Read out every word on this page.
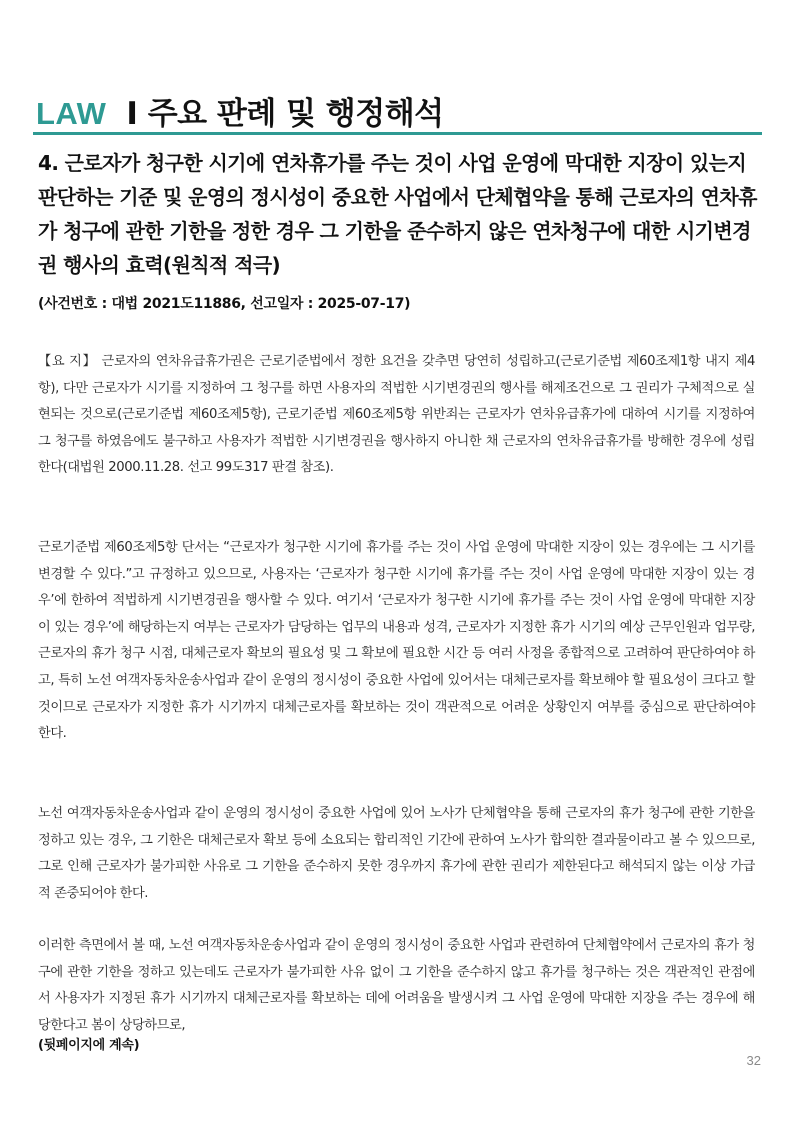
LAW I 주요 판례 및 행정해석
4. 근로자가 청구한 시기에 연차휴가를 주는 것이 사업 운영에 막대한 지장이 있는지 판단하는 기준 및 운영의 정시성이 중요한 사업에서 단체협약을 통해 근로자의 연차휴가 청구에 관한 기한을 정한 경우 그 기한을 준수하지 않은 연차청구에 대한 시기변경권 행사의 효력(원칙적 적극)
(사건번호 : 대법 2021도11886, 선고일자 : 2025-07-17)

【요 지】 근로자의 연차유급휴가권은 근로기준법에서 정한 요건을 갖추면 당연히 성립하고(근로기준법 제60조제1항 내지 제4항), 다만 근로자가 시기를 지정하여 그 청구를 하면 사용자의 적법한 시기변경권의 행사를 해제조건으로 그 권리가 구체적으로 실현되는 것으로(근로기준법 제60조제5항), 근로기준법 제60조제5항 위반죄는 근로자가 연차유급휴가에 대하여 시기를 지정하여 그 청구를 하였음에도 불구하고 사용자가 적법한 시기변경권을 행사하지 아니한 채 근로자의 연차유급휴가를 방해한 경우에 성립한다(대법원 2000.11.28. 선고 99도317 판결 참조).

근로기준법 제60조제5항 단서는 “근로자가 청구한 시기에 휴가를 주는 것이 사업 운영에 막대한 지장이 있는 경우에는 그 시기를 변경할 수 있다.”고 규정하고 있으므로, 사용자는 ‘근로자가 청구한 시기에 휴가를 주는 것이 사업 운영에 막대한 지장이 있는 경우’에 한하여 적법하게 시기변경권을 행사할 수 있다. 여기서 ‘근로자가 청구한 시기에 휴가를 주는 것이 사업 운영에 막대한 지장이 있는 경우’에 해당하는지 여부는 근로자가 담당하는 업무의 내용과 성격, 근로자가 지정한 휴가 시기의 예상 근무인원과 업무량, 근로자의 휴가 청구 시점, 대체근로자 확보의 필요성 및 그 확보에 필요한 시간 등 여러 사정을 종합적으로 고려하여 판단하여야 하고, 특히 노선 여객자동차운송사업과 같이 운영의 정시성이 중요한 사업에 있어서는 대체근로자를 확보해야 할 필요성이 크다고 할 것이므로 근로자가 지정한 휴가 시기까지 대체근로자를 확보하는 것이 객관적으로 어려운 상황인지 여부를 중심으로 판단하여야 한다.

노선 여객자동차운송사업과 같이 운영의 정시성이 중요한 사업에 있어 노사가 단체협약을 통해 근로자의 휴가 청구에 관한 기한을 정하고 있는 경우, 그 기한은 대체근로자 확보 등에 소요되는 합리적인 기간에 관하여 노사가 합의한 결과물이라고 볼 수 있으므로, 그로 인해 근로자가 불가피한 사유로 그 기한을 준수하지 못한 경우까지 휴가에 관한 권리가 제한된다고 해석되지 않는 이상 가급적 존중되어야 한다.

이러한 측면에서 볼 때, 노선 여객자동차운송사업과 같이 운영의 정시성이 중요한 사업과 관련하여 단체협약에서 근로자의 휴가 청구에 관한 기한을 정하고 있는데도 근로자가 불가피한 사유 없이 그 기한을 준수하지 않고 휴가를 청구하는 것은 객관적인 관점에서 사용자가 지정된 휴가 시기까지 대체근로자를 확보하는 데에 어려움을 발생시켜 그 사업 운영에 막대한 지장을 주는 경우에 해당한다고 봄이 상당하므로,

(뒷페이지에 계속)
32
